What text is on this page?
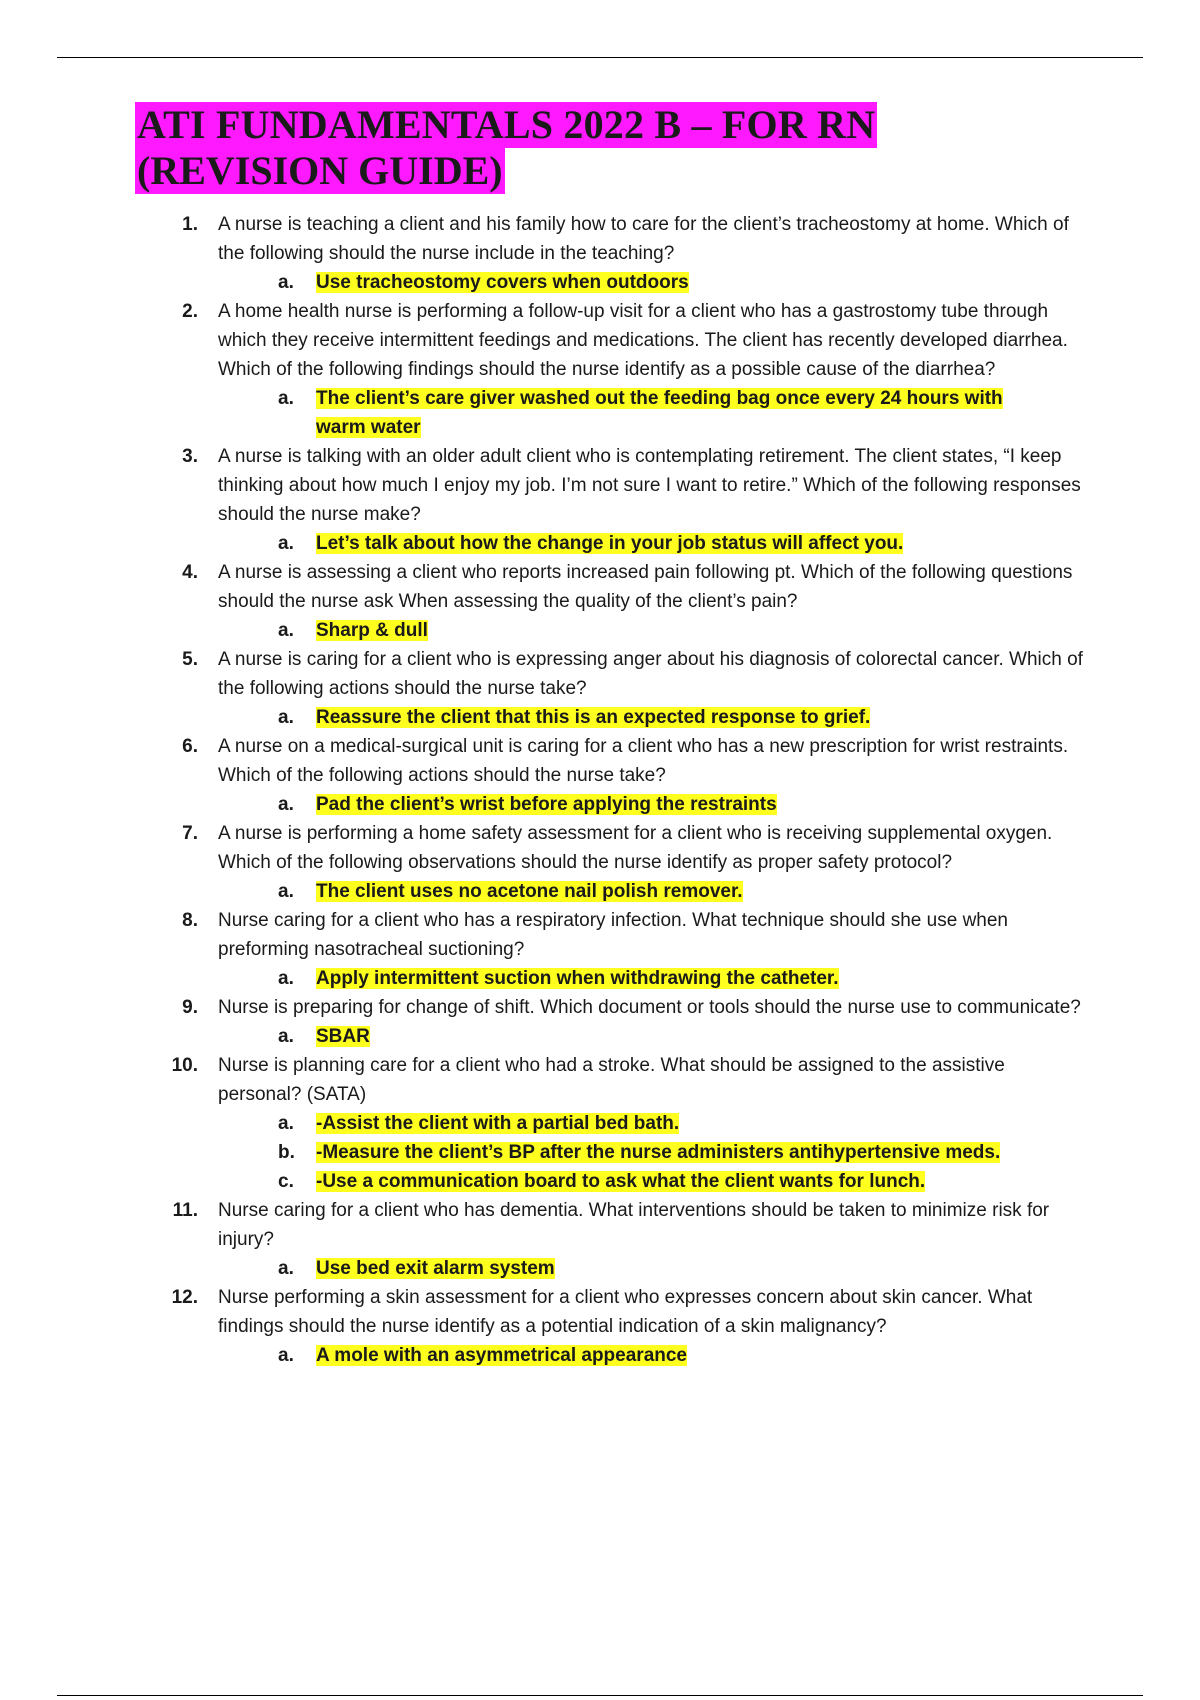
ATI FUNDAMENTALS 2022 B – FOR RN
(REVISION GUIDE)
1. A nurse is teaching a client and his family how to care for the client’s tracheostomy at home. Which of the following should the nurse include in the teaching?
a.	Use tracheostomy covers when outdoors
2. A home health nurse is performing a follow-up visit for a client who has a gastrostomy tube through which they receive intermittent feedings and medications. The client has recently developed diarrhea. Which of the following findings should the nurse identify as a possible cause of the diarrhea?
a.	The client’s care giver washed out the feeding bag once every 24 hours with warm water
3. A nurse is talking with an older adult client who is contemplating retirement. The client states, “I keep thinking about how much I enjoy my job. I’m not sure I want to retire.” Which of the following responses should the nurse make?
a.	Let’s talk about how the change in your job status will affect you.
4. A nurse is assessing a client who reports increased pain following pt. Which of the following questions should the nurse ask When assessing the quality of the client’s pain?
a.	Sharp & dull
5. A nurse is caring for a client who is expressing anger about his diagnosis of colorectal cancer. Which of the following actions should the nurse take?
a.	Reassure the client that this is an expected response to grief.
6. A nurse on a medical-surgical unit is caring for a client who has a new prescription for wrist restraints. Which of the following actions should the nurse take?
a.	Pad the client’s wrist before applying the restraints
7. A nurse is performing a home safety assessment for a client who is receiving supplemental oxygen. Which of the following observations should the nurse identify as proper safety protocol?
a.	The client uses no acetone nail polish remover.
8. Nurse caring for a client who has a respiratory infection. What technique should she use when preforming nasotracheal suctioning?
a.	Apply intermittent suction when withdrawing the catheter.
9. Nurse is preparing for change of shift. Which document or tools should the nurse use to communicate?
a.	SBAR
10. Nurse is planning care for a client who had a stroke. What should be assigned to the assistive personal? (SATA)
a.	-Assist the client with a partial bed bath.
b.	-Measure the client’s BP after the nurse administers antihypertensive meds.
c.	-Use a communication board to ask what the client wants for lunch.
11. Nurse caring for a client who has dementia. What interventions should be taken to minimize risk for injury?
a.	Use bed exit alarm system
12. Nurse performing a skin assessment for a client who expresses concern about skin cancer. What findings should the nurse identify as a potential indication of a skin malignancy?
a.	A mole with an asymmetrical appearance
